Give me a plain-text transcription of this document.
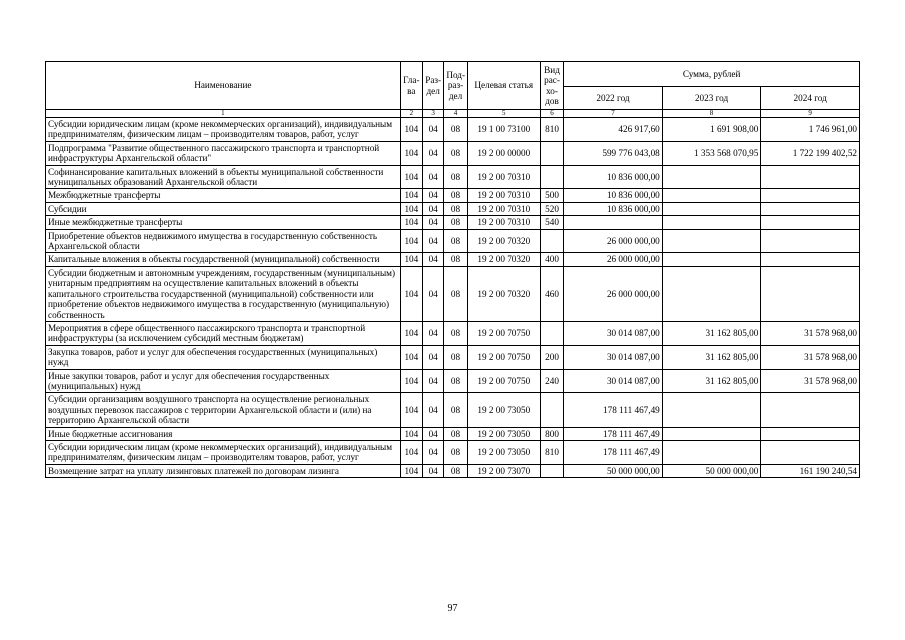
Наименование	Гла-ва	Раз-дел	Под-раз-дел	Целевая статья	Вид рас-хо-дов	Сумма, рублей		
						2022 год	2023 год	2024 год
1	2	3	4	5	6	7	8	9
Субсидии юридическим лицам (кроме некоммерческих организаций), индивидуальным предпринимателям, физическим лицам – производителям товаров, работ, услуг	104	04	08	19 1 00 73100	810	426 917,60	1 691 908,00	1 746 961,00
Подпрограмма "Развитие общественного пассажирского транспорта и транспортной инфраструктуры Архангельской области"	104	04	08	19 2 00 00000		599 776 043,08	1 353 568 070,95	1 722 199 402,52
Софинансирование капитальных вложений в объекты муниципальной собственности муниципальных образований Архангельской области	104	04	08	19 2 00 70310		10 836 000,00		
Межбюджетные трансферты	104	04	08	19 2 00 70310	500	10 836 000,00		
Субсидии	104	04	08	19 2 00 70310	520	10 836 000,00		
Иные межбюджетные трансферты	104	04	08	19 2 00 70310	540			
Приобретение объектов недвижимого имущества в государственную собственность Архангельской области	104	04	08	19 2 00 70320		26 000 000,00		
Капитальные вложения в объекты государственной (муниципальной) собственности	104	04	08	19 2 00 70320	400	26 000 000,00		
Субсидии бюджетным и автономным учреждениям, государственным (муниципальным) унитарным предприятиям на осуществление капитальных вложений в объекты капитального строительства государственной (муниципальной) собственности или приобретение объектов недвижимого имущества в государственную (муниципальную) собственность	104	04	08	19 2 00 70320	460	26 000 000,00		
Мероприятия в сфере общественного пассажирского транспорта и транспортной инфраструктуры (за исключением субсидий местным бюджетам)	104	04	08	19 2 00 70750		30 014 087,00	31 162 805,00	31 578 968,00
Закупка товаров, работ и услуг для обеспечения государственных (муниципальных) нужд	104	04	08	19 2 00 70750	200	30 014 087,00	31 162 805,00	31 578 968,00
Иные закупки товаров, работ и услуг для обеспечения государственных (муниципальных) нужд	104	04	08	19 2 00 70750	240	30 014 087,00	31 162 805,00	31 578 968,00
Субсидии организациям воздушного транспорта на осуществление региональных воздушных перевозок пассажиров с территории Архангельской области и (или) на территорию Архангельской области	104	04	08	19 2 00 73050		178 111 467,49		
Иные бюджетные ассигнования	104	04	08	19 2 00 73050	800	178 111 467,49		
Субсидии юридическим лицам (кроме некоммерческих организаций), индивидуальным предпринимателям, физическим лицам – производителям товаров, работ, услуг	104	04	08	19 2 00 73050	810	178 111 467,49		
Возмещение затрат на уплату лизинговых платежей по договорам лизинга	104	04	08	19 2 00 73070		50 000 000,00	50 000 000,00	161 190 240,54
97
